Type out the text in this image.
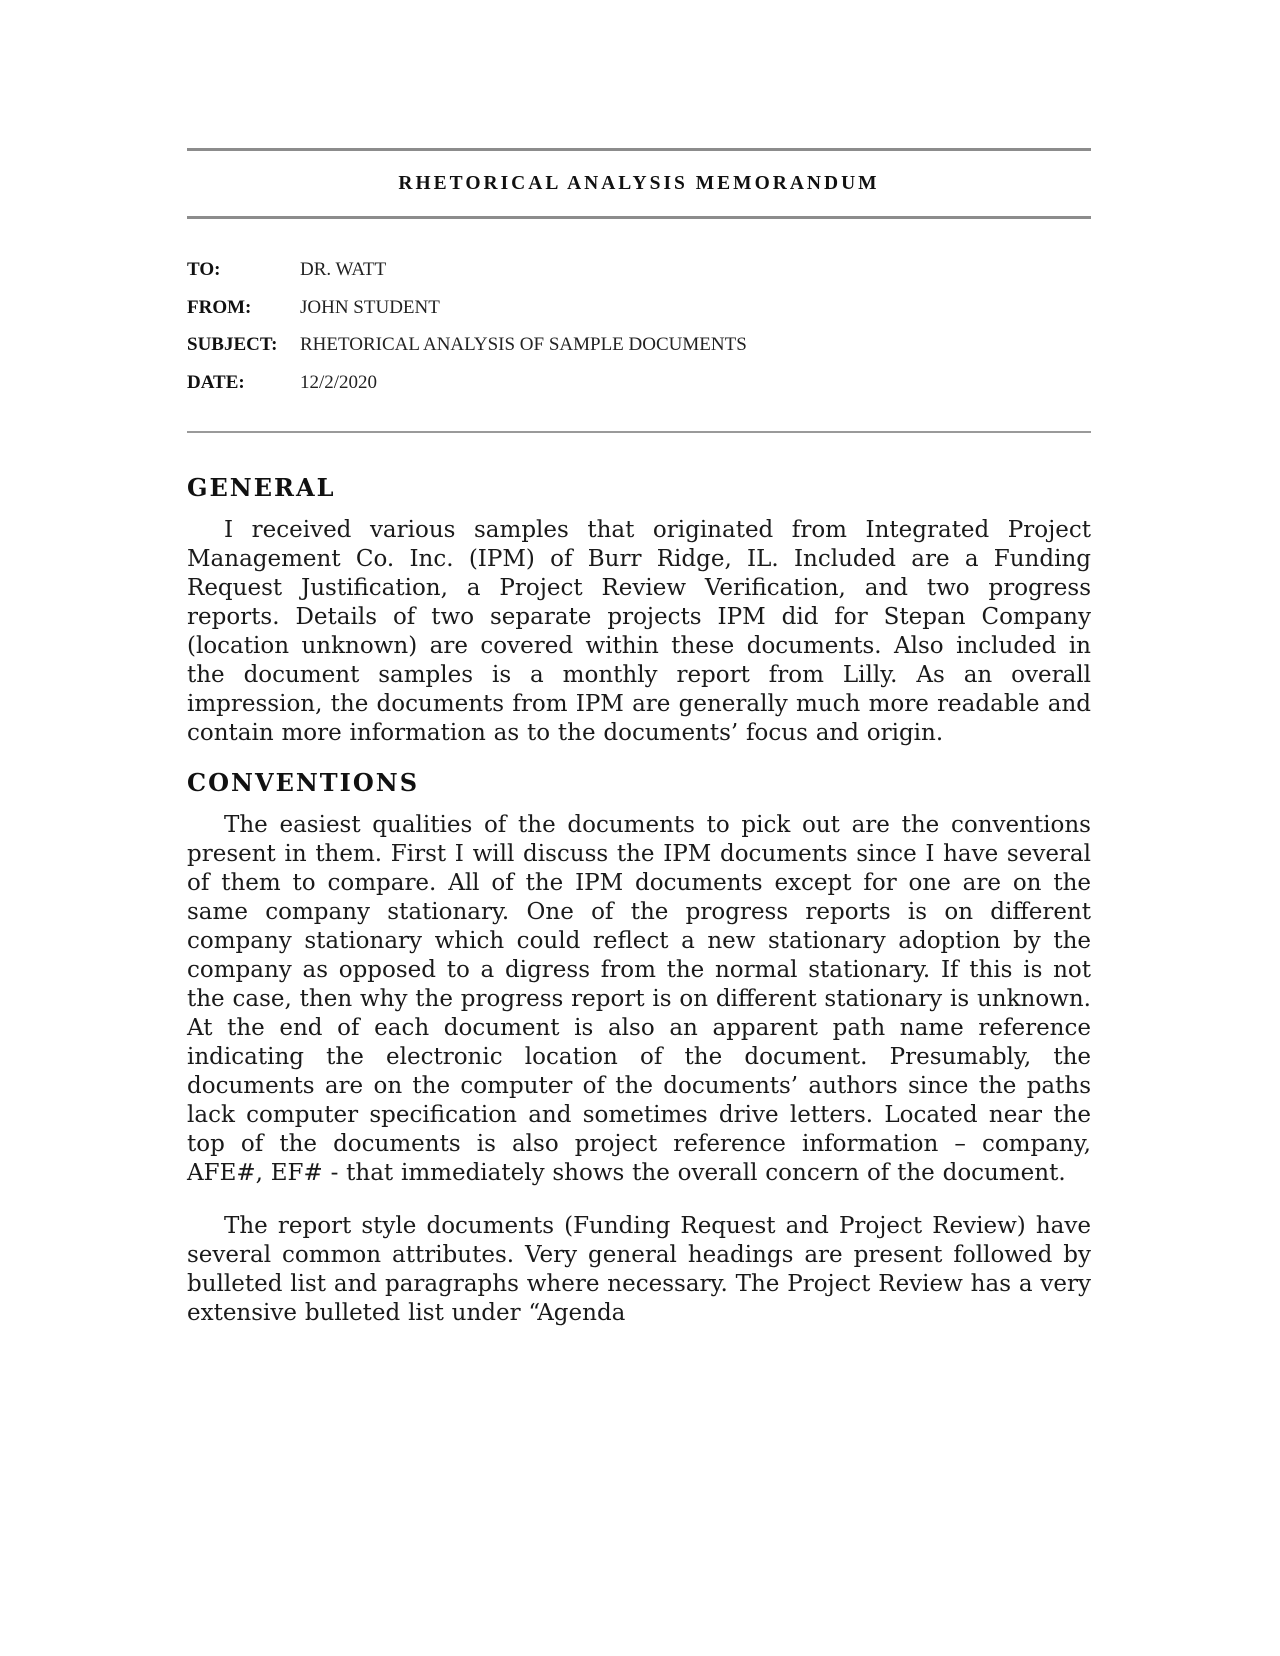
RHETORICAL ANALYSIS MEMORANDUM
TO:	DR. WATT
FROM:	JOHN STUDENT
SUBJECT:	RHETORICAL ANALYSIS OF SAMPLE DOCUMENTS
DATE:	12/2/2020
GENERAL

I received various samples that originated from Integrated Project Management Co. Inc. (IPM) of Burr Ridge, IL. Included are a Funding Request Justification, a Project Review Verification, and two progress reports. Details of two separate projects IPM did for Stepan Company (location unknown) are covered within these documents. Also included in the document samples is a monthly report from Lilly. As an overall impression, the documents from IPM are generally much more readable and contain more information as to the documents’ focus and origin.

CONVENTIONS

The easiest qualities of the documents to pick out are the conventions present in them. First I will discuss the IPM documents since I have several of them to compare. All of the IPM documents except for one are on the same company stationary. One of the progress reports is on different company stationary which could reflect a new stationary adoption by the company as opposed to a digress from the normal stationary. If this is not the case, then why the progress report is on different stationary is unknown. At the end of each document is also an apparent path name reference indicating the electronic location of the document. Presumably, the documents are on the computer of the documents’ authors since the paths lack computer specification and sometimes drive letters. Located near the top of the documents is also project reference information – company, AFE#, EF# - that immediately shows the overall concern of the document.

The report style documents (Funding Request and Project Review) have several common attributes. Very general headings are present followed by bulleted list and paragraphs where necessary. The Project Review has a very extensive bulleted list under “Agenda
